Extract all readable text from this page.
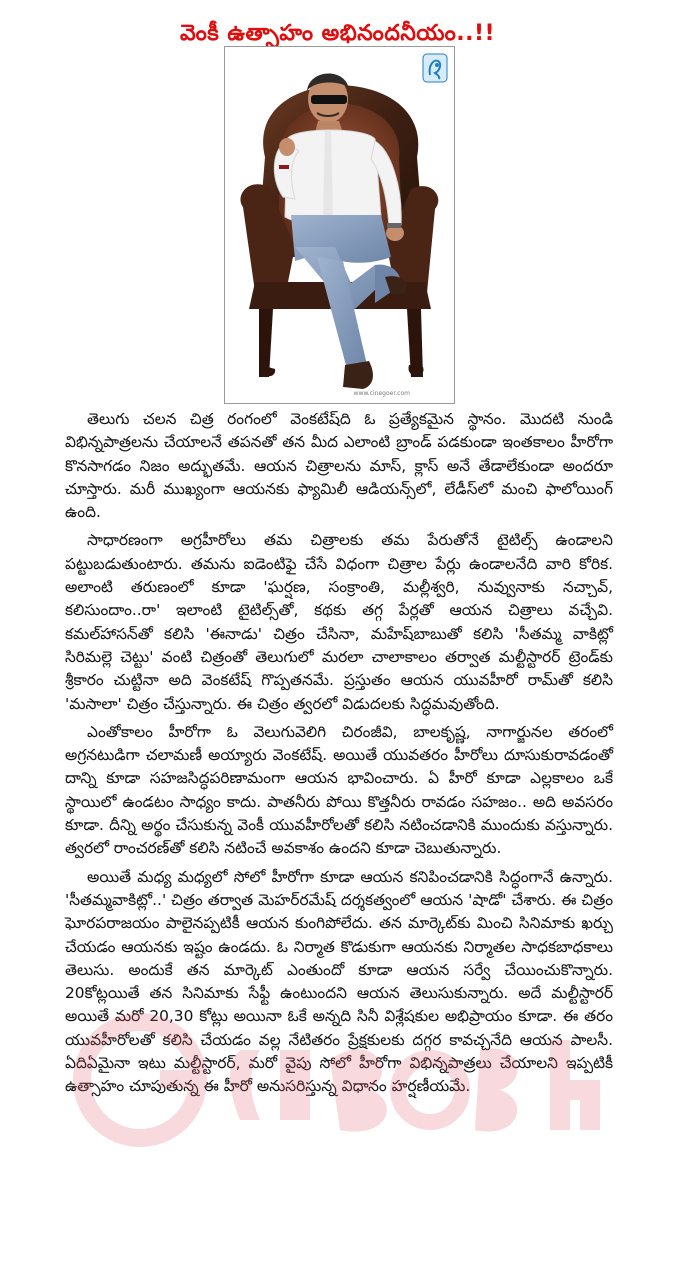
వెంకీ ఉత్సాహం అభినందనీయం..!!
www.cinegoer.com

తెలుగు చలన చిత్ర రంగంలో వెంకటేష్‌ది ఓ ప్రత్యేకమైన స్థానం. మొదటి నుండి విభిన్నపాత్రలను చేయాలనే తపనతో తన మీద ఎలాంటి బ్రాండ్ పడకుండా ఇంతకాలం హీరోగా కొనసాగడం నిజం అద్భుతమే. ఆయన చిత్రాలను మాస్, క్లాస్ అనే తేడాలేకుండా అందరూ చూస్తారు. మరీ ముఖ్యంగా ఆయనకు ఫ్యామిలీ ఆడియన్స్‌లో, లేడీస్‌లో మంచి ఫాలోయింగ్ ఉంది.

సాధారణంగా అగ్రహీరోలు తమ చిత్రాలకు తమ పేరుతోనే టైటిల్స్ ఉండాలని పట్టుబడుతుంటారు. తమను ఐడెంటిఫై చేసే విధంగా చిత్రాల పేర్లు ఉండాలనేది వారి కోరిక. అలాంటి తరుణంలో కూడా 'ఘర్షణ, సంక్రాంతి, మల్లీశ్వరి, నువ్వునాకు నచ్చావ్, కలిసుందాం..రా' ఇలాంటి టైటిల్స్‌తో, కథకు తగ్గ పేర్లతో ఆయన చిత్రాలు వచ్చేవి. కమల్‌హాసన్‌తో కలిసి 'ఈనాడు' చిత్రం చేసినా, మహేష్‌బాబుతో కలిసి 'సీతమ్మ వాకిట్లో సిరిమల్లె చెట్టు' వంటి చిత్రంతో తెలుగులో మరలా చాలాకాలం తర్వాత మల్టీస్టారర్ ట్రెండ్‌కు శ్రీకారం చుట్టినా అది వెంకటేష్ గొప్పతనమే. ప్రస్తుతం ఆయన యువహీరో రామ్‌తో కలిసి 'మసాలా' చిత్రం చేస్తున్నారు. ఈ చిత్రం త్వరలో విడుదలకు సిద్ధమవుతోంది.

ఎంతోకాలం హీరోగా ఓ వెలుగువెలిగి చిరంజీవి, బాలకృష్ణ, నాగార్జునల తరంలో అగ్రనటుడిగా చలామణీ అయ్యారు వెంకటేష్. అయితే యువతరం హీరోలు దూసుకురావడంతో దాన్ని కూడా సహజసిద్ధపరిణామంగా ఆయన భావించారు. ఏ హీరో కూడా ఎల్లకాలం ఒకే స్థాయిలో ఉండటం సాధ్యం కాదు. పాతనీరు పోయి కొత్తనీరు రావడం సహజం.. అది అవసరం కూడా. దీన్ని అర్థం చేసుకున్న వెంకీ యువహీరోలతో కలిసి నటించడానికి ముందుకు వస్తున్నారు. త్వరలో రాంచరణ్‌తో కలిసి నటించే అవకాశం ఉందని కూడా చెబుతున్నారు.

అయితే మధ్య మధ్యలో సోలో హీరోగా కూడా ఆయన కనిపించడానికి సిద్ధంగానే ఉన్నారు. 'సీతమ్మవాకిట్లో..' చిత్రం తర్వాత మెహర్‌రమేష్ దర్శకత్వంలో ఆయన 'షాడో' చేశారు. ఈ చిత్రం ఘోరపరాజయం పాలైనప్పటికీ ఆయన కుంగిపోలేదు. తన మార్కెట్‌కు మించి సినిమాకు ఖర్చు చేయడం ఆయనకు ఇష్టం ఉండదు. ఓ నిర్మాత కొడుకుగా ఆయనకు నిర్మాతల సాధకబాధకాలు తెలుసు. అందుకే తన మార్కెట్ ఎంతుందో కూడా ఆయన సర్వే చేయించుకొన్నారు. 20కోట్లయితే తన సినిమాకు సేఫ్టీ ఉంటుందని ఆయన తెలుసుకున్నారు. అదే మల్టీస్టారర్ అయితే మరో 20,30 కోట్లు అయినా ఓకే అన్నది సినీ విశ్లేషకుల అభిప్రాయం కూడా. ఈ తరం యువహీరోలతో కలిసి చేయడం వల్ల నేటితరం ప్రేక్షకులకు దగ్గర కావచ్చనేది ఆయన పాలసీ. ఏదిఏమైనా ఇటు మల్టీస్టారర్, మరో వైపు సోలో హీరోగా విభిన్నపాత్రలు చేయాలని ఇప్పటికీ ఉత్సాహం చూపుతున్న ఈ హీరో అనుసరిస్తున్న విధానం హర్షణీయమే.
